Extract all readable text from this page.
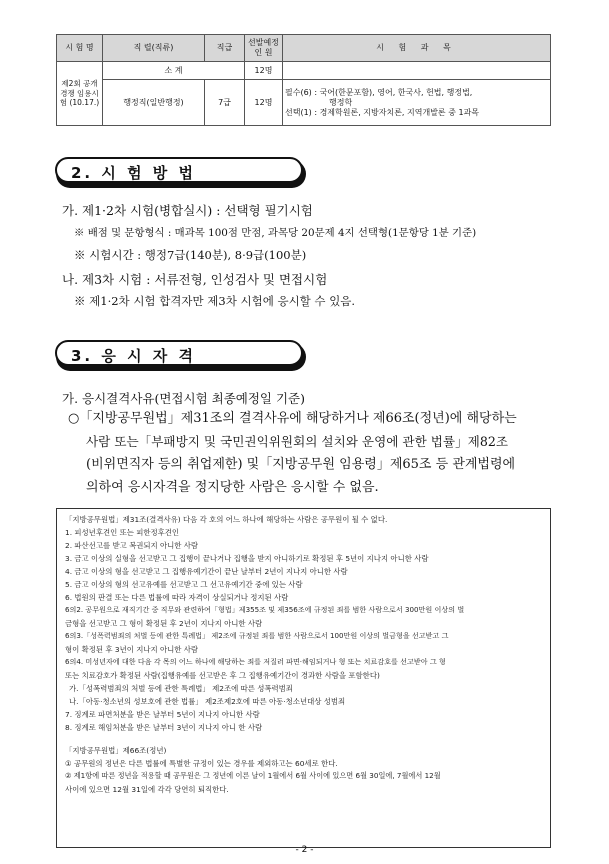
시 험 명	직 렬(직류)	직급	선발예정 인 원	시 험 과 목
제2회 공개경쟁 임용시험 (10.17.)	소 계		12명	
	행정직(일반행정)	7급	12명	필수(6) : 국어(한문포함), 영어, 한국사, 헌법, 행정법,
행정학
선택(1) : 경제학원론, 지방자치론, 지역개발론 중 1과목
2. 시 험 방 법
가. 제1·2차 시험(병합실시) : 선택형 필기시험
※ 배점 및 문항형식 : 매과목 100점 만점, 과목당 20문제 4지 선택형(1문항당 1분 기준)
※ 시험시간 : 행정7급(140분), 8·9급(100분)
나. 제3차 시험 : 서류전형, 인성검사 및 면접시험
※ 제1·2차 시험 합격자만 제3차 시험에 응시할 수 있음.
3. 응 시 자 격
가. 응시결격사유(면접시험 최종예정일 기준)
○「지방공무원법」제31조의 결격사유에 해당하거나 제66조(정년)에 해당하는
사람 또는「부패방지 및 국민권익위원회의 설치와 운영에 관한 법률」제82조
(비위면직자 등의 취업제한) 및「지방공무원 임용령」제65조 등 관계법령에
의하여 응시자격을 정지당한 사람은 응시할 수 없음.
「지방공무원법」제31조(결격사유) 다음 각 호의 어느 하나에 해당하는 사람은 공무원이 될 수 없다.
1. 피성년후견인 또는 피한정후견인
2. 파산선고를 받고 복권되지 아니한 사람
3. 금고 이상의 실형을 선고받고 그 집행이 끝나거나 집행을 받지 아니하기로 확정된 후 5년이 지나지 아니한 사람
4. 금고 이상의 형을 선고받고 그 집행유예기간이 끝난 날부터 2년이 지나지 아니한 사람
5. 금고 이상의 형의 선고유예를 선고받고 그 선고유예기간 중에 있는 사람
6. 법원의 판결 또는 다른 법률에 따라 자격이 상실되거나 정지된 사람
6의2. 공무원으로 재직기간 중 직무와 관련하여「형법」제355조 및 제356조에 규정된 죄를 범한 사람으로서 300만원 이상의 벌
금형을 선고받고 그 형이 확정된 후 2년이 지나지 아니한 사람
6의3.「성폭력범죄의 처벌 등에 관한 특례법」 제2조에 규정된 죄를 범한 사람으로서 100만원 이상의 벌금형을 선고받고 그
형이 확정된 후 3년이 지나지 아니한 사람
6의4. 미성년자에 대한 다음 각 목의 어느 하나에 해당하는 죄를 저질러 파면·해임되거나 형 또는 치료감호를 선고받아 그 형
또는 치료감호가 확정된 사람(집행유예를 선고받은 후 그 집행유예기간이 경과한 사람을 포함한다)
가.「성폭력범죄의 처벌 등에 관한 특례법」 제2조에 따른 성폭력범죄
나.「아동·청소년의 성보호에 관한 법률」 제2조제2호에 따른 아동·청소년대상 성범죄
7. 징계로 파면처분을 받은 날부터 5년이 지나지 아니한 사람
8. 징계로 해임처분을 받은 날부터 3년이 지나지 아니 한 사람
「지방공무원법」제66조(정년)
① 공무원의 정년은 다른 법률에 특별한 규정이 있는 경우를 제외하고는 60세로 한다.
② 제1항에 따른 정년을 적용할 때 공무원은 그 정년에 이른 날이 1월에서 6월 사이에 있으면 6월 30일에, 7월에서 12월
사이에 있으면 12월 31일에 각각 당연히 퇴직한다.
- 2 -
